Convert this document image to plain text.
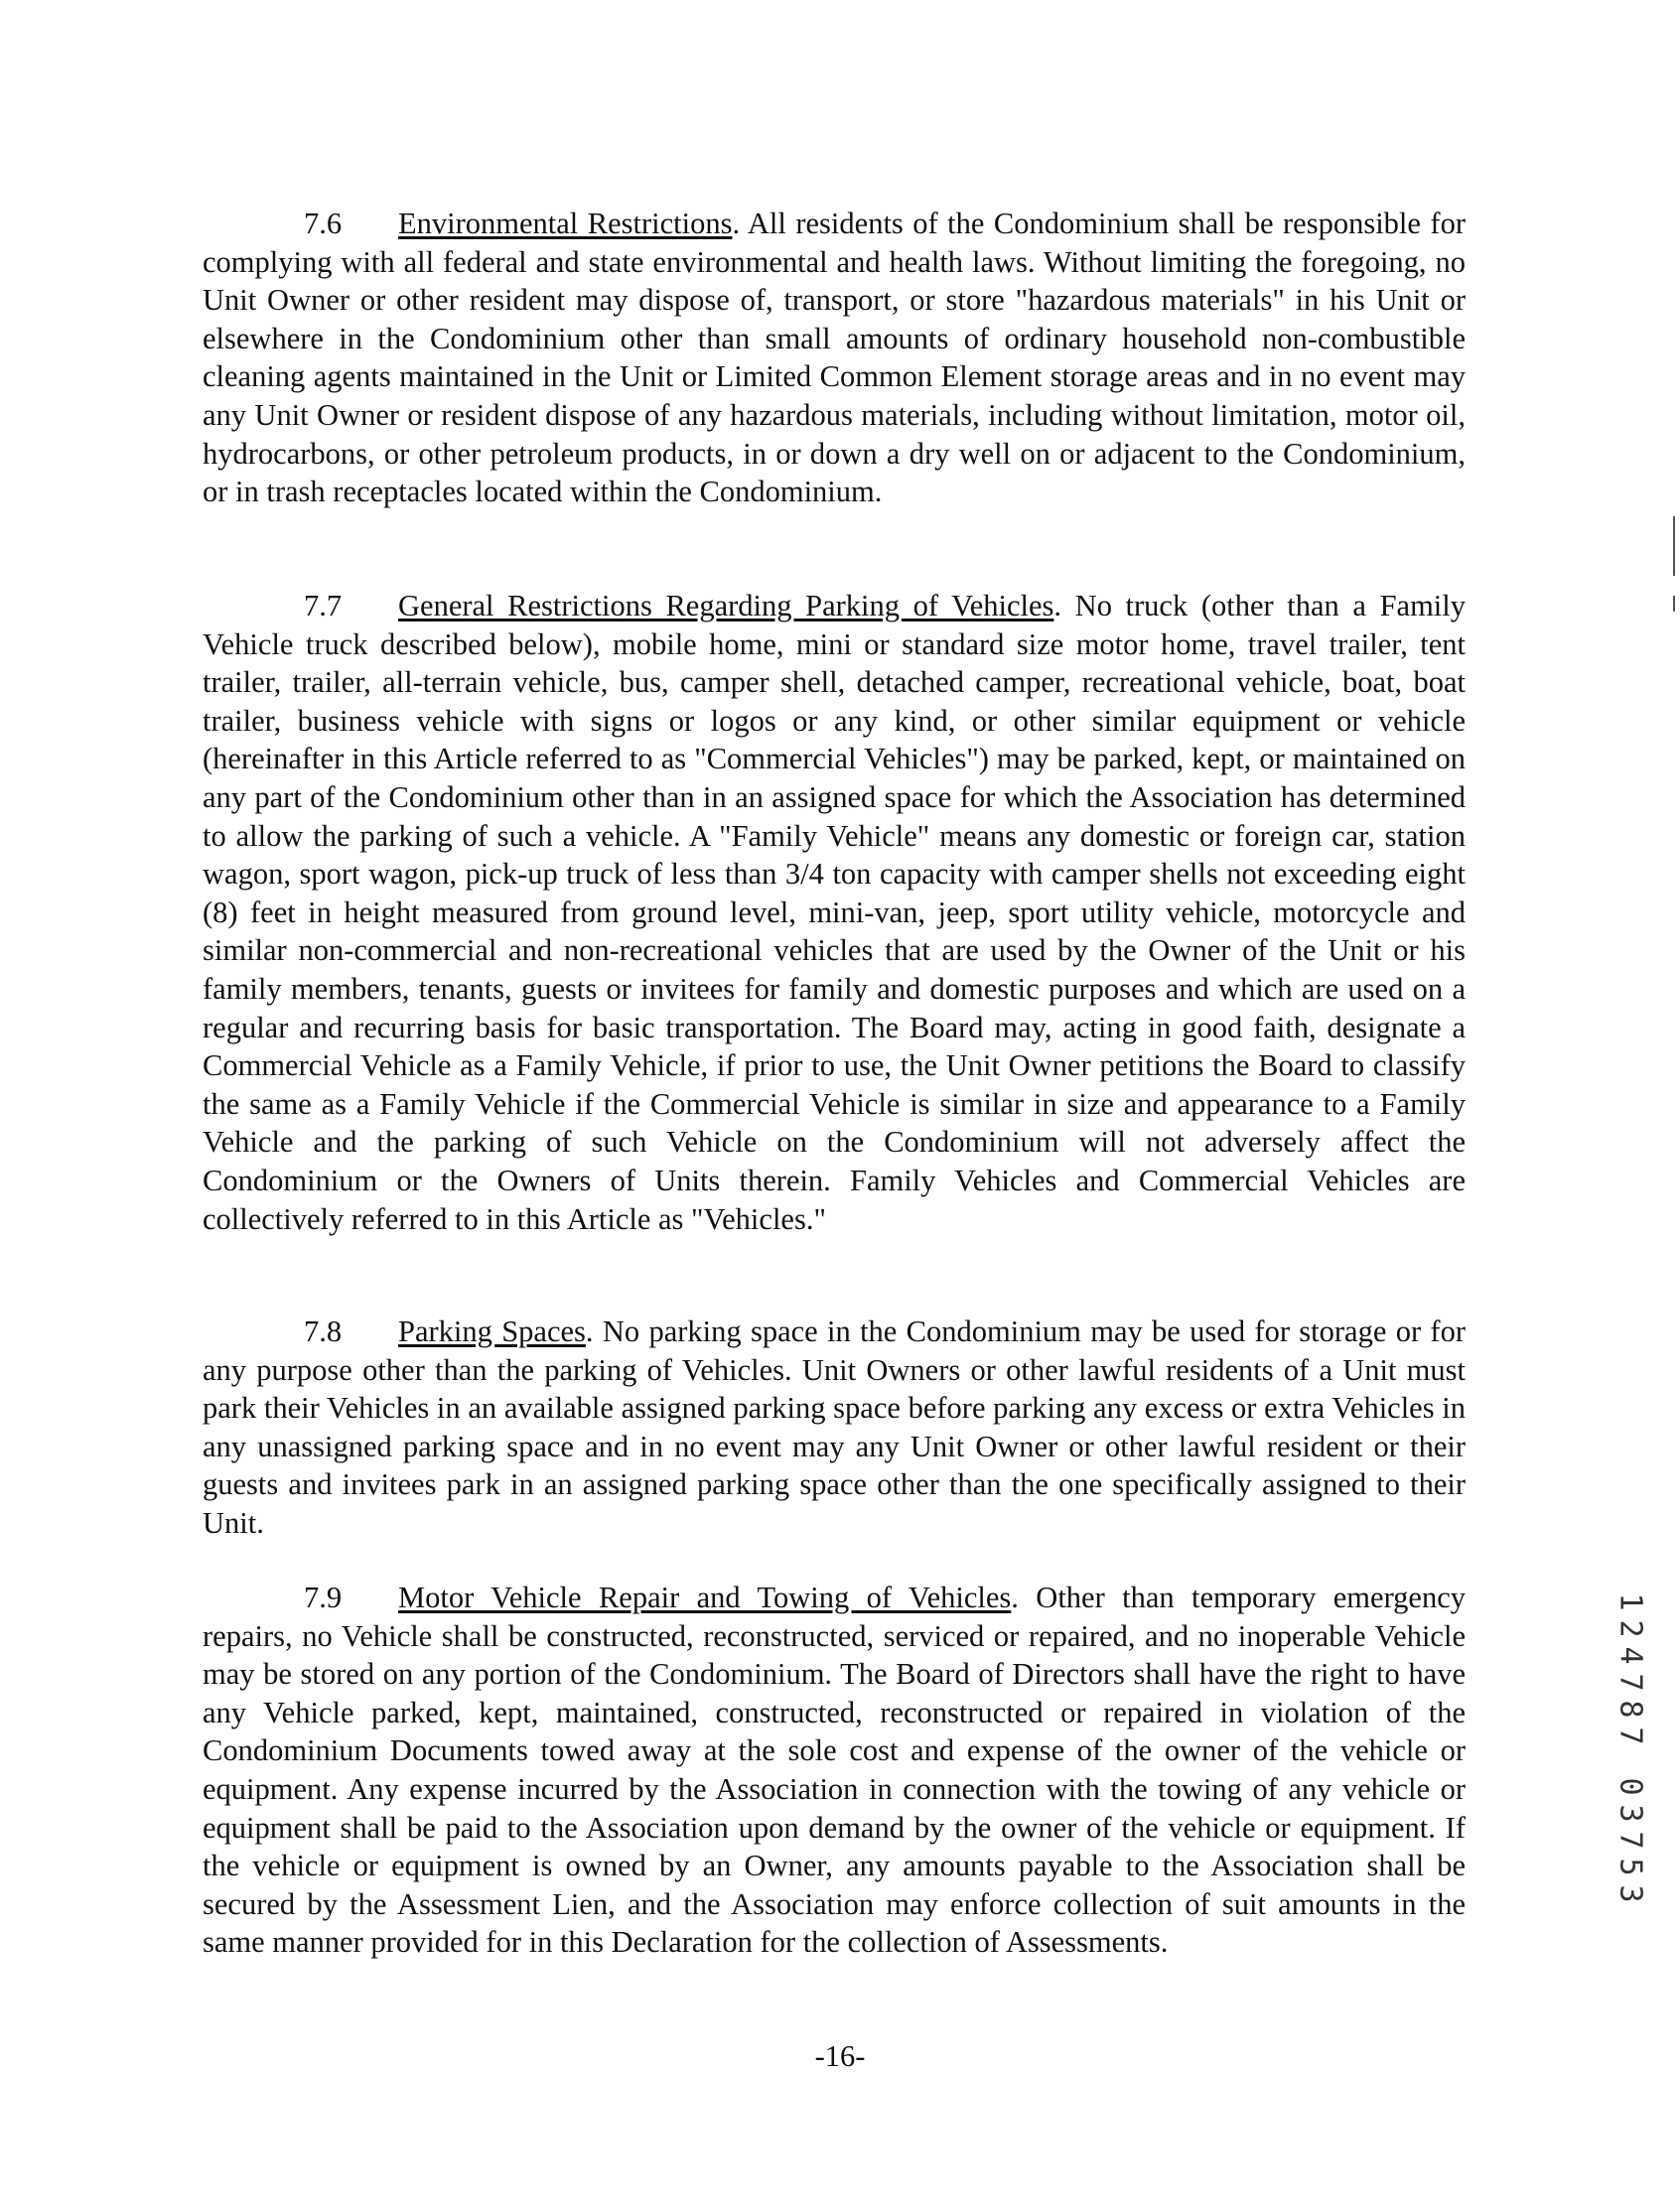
7.6 Environmental Restrictions. All residents of the Condominium shall be responsible for complying with all federal and state environmental and health laws. Without limiting the foregoing, no Unit Owner or other resident may dispose of, transport, or store "hazardous materials" in his Unit or elsewhere in the Condominium other than small amounts of ordinary household non-combustible cleaning agents maintained in the Unit or Limited Common Element storage areas and in no event may any Unit Owner or resident dispose of any hazardous materials, including without limitation, motor oil, hydrocarbons, or other petroleum products, in or down a dry well on or adjacent to the Condominium, or in trash receptacles located within the Condominium.

7.7 General Restrictions Regarding Parking of Vehicles. No truck (other than a Family Vehicle truck described below), mobile home, mini or standard size motor home, travel trailer, tent trailer, trailer, all-terrain vehicle, bus, camper shell, detached camper, recreational vehicle, boat, boat trailer, business vehicle with signs or logos or any kind, or other similar equipment or vehicle (hereinafter in this Article referred to as "Commercial Vehicles") may be parked, kept, or maintained on any part of the Condominium other than in an assigned space for which the Association has determined to allow the parking of such a vehicle. A "Family Vehicle" means any domestic or foreign car, station wagon, sport wagon, pick-up truck of less than 3/4 ton capacity with camper shells not exceeding eight (8) feet in height measured from ground level, mini-van, jeep, sport utility vehicle, motorcycle and similar non-commercial and non-recreational vehicles that are used by the Owner of the Unit or his family members, tenants, guests or invitees for family and domestic purposes and which are used on a regular and recurring basis for basic transportation. The Board may, acting in good faith, designate a Commercial Vehicle as a Family Vehicle, if prior to use, the Unit Owner petitions the Board to classify the same as a Family Vehicle if the Commercial Vehicle is similar in size and appearance to a Family Vehicle and the parking of such Vehicle on the Condominium will not adversely affect the Condominium or the Owners of Units therein. Family Vehicles and Commercial Vehicles are collectively referred to in this Article as "Vehicles."

7.8 Parking Spaces. No parking space in the Condominium may be used for storage or for any purpose other than the parking of Vehicles. Unit Owners or other lawful residents of a Unit must park their Vehicles in an available assigned parking space before parking any excess or extra Vehicles in any unassigned parking space and in no event may any Unit Owner or other lawful resident or their guests and invitees park in an assigned parking space other than the one specifically assigned to their Unit.

7.9 Motor Vehicle Repair and Towing of Vehicles. Other than temporary emergency repairs, no Vehicle shall be constructed, reconstructed, serviced or repaired, and no inoperable Vehicle may be stored on any portion of the Condominium. The Board of Directors shall have the right to have any Vehicle parked, kept, maintained, constructed, reconstructed or repaired in violation of the Condominium Documents towed away at the sole cost and expense of the owner of the vehicle or equipment. Any expense incurred by the Association in connection with the towing of any vehicle or equipment shall be paid to the Association upon demand by the owner of the vehicle or equipment. If the vehicle or equipment is owned by an Owner, any amounts payable to the Association shall be secured by the Assessment Lien, and the Association may enforce collection of suit amounts in the same manner provided for in this Declaration for the collection of Assessments.

-16-
1
2
4
7
8
7
0
3
7
5
3
